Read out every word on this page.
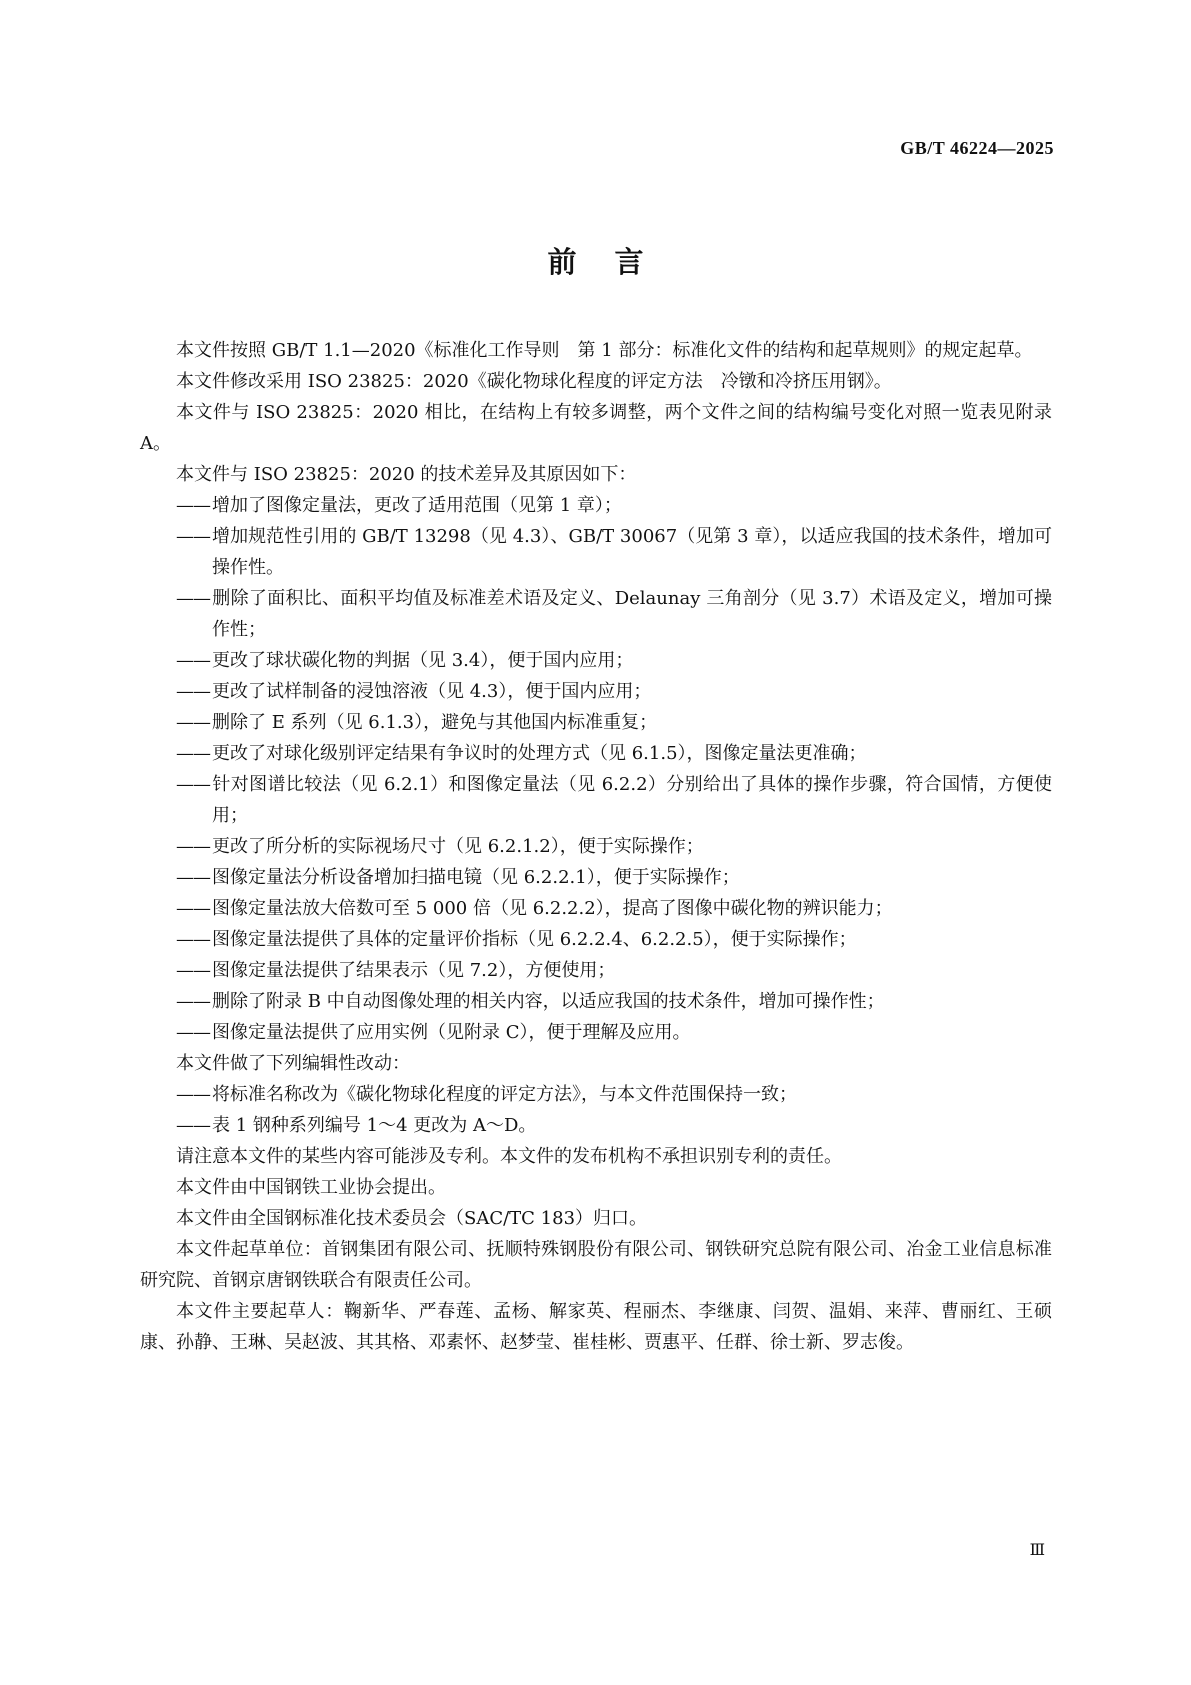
GB/T 46224—2025
前言

本文件按照 GB/T 1.1—2020《标准化工作导则　第 1 部分：标准化文件的结构和起草规则》的规定起草。

本文件修改采用 ISO 23825：2020《碳化物球化程度的评定方法　冷镦和冷挤压用钢》。

本文件与 ISO 23825：2020 相比，在结构上有较多调整，两个文件之间的结构编号变化对照一览表见附录 A。

本文件与 ISO 23825：2020 的技术差异及其原因如下：

—— 增加了图像定量法，更改了适用范围（见第 1 章）；

—— 增加规范性引用的 GB/T 13298（见 4.3）、GB/T 30067（见第 3 章），以适应我国的技术条件，增加可操作性。

—— 删除了面积比、面积平均值及标准差术语及定义、Delaunay 三角剖分（见 3.7）术语及定义，增加可操作性；

—— 更改了球状碳化物的判据（见 3.4），便于国内应用；

—— 更改了试样制备的浸蚀溶液（见 4.3），便于国内应用；

—— 删除了 E 系列（见 6.1.3），避免与其他国内标准重复；

—— 更改了对球化级别评定结果有争议时的处理方式（见 6.1.5），图像定量法更准确；

—— 针对图谱比较法（见 6.2.1）和图像定量法（见 6.2.2）分别给出了具体的操作步骤，符合国情，方便使用；

—— 更改了所分析的实际视场尺寸（见 6.2.1.2），便于实际操作；

—— 图像定量法分析设备增加扫描电镜（见 6.2.2.1），便于实际操作；

—— 图像定量法放大倍数可至 5 000 倍（见 6.2.2.2），提高了图像中碳化物的辨识能力；

—— 图像定量法提供了具体的定量评价指标（见 6.2.2.4、6.2.2.5），便于实际操作；

—— 图像定量法提供了结果表示（见 7.2），方便使用；

—— 删除了附录 B 中自动图像处理的相关内容，以适应我国的技术条件，增加可操作性；

—— 图像定量法提供了应用实例（见附录 C），便于理解及应用。

本文件做了下列编辑性改动：

—— 将标准名称改为《碳化物球化程度的评定方法》，与本文件范围保持一致；

—— 表 1 钢种系列编号 1～4 更改为 A～D。

请注意本文件的某些内容可能涉及专利。本文件的发布机构不承担识别专利的责任。

本文件由中国钢铁工业协会提出。

本文件由全国钢标准化技术委员会（SAC/TC 183）归口。

本文件起草单位：首钢集团有限公司、抚顺特殊钢股份有限公司、钢铁研究总院有限公司、冶金工业信息标准研究院、首钢京唐钢铁联合有限责任公司。

本文件主要起草人：鞠新华、严春莲、孟杨、解家英、程丽杰、李继康、闫贺、温娟、来萍、曹丽红、王硕康、孙静、王琳、吴赵波、其其格、邓素怀、赵梦莹、崔桂彬、贾惠平、任群、徐士新、罗志俊。

Ⅲ
